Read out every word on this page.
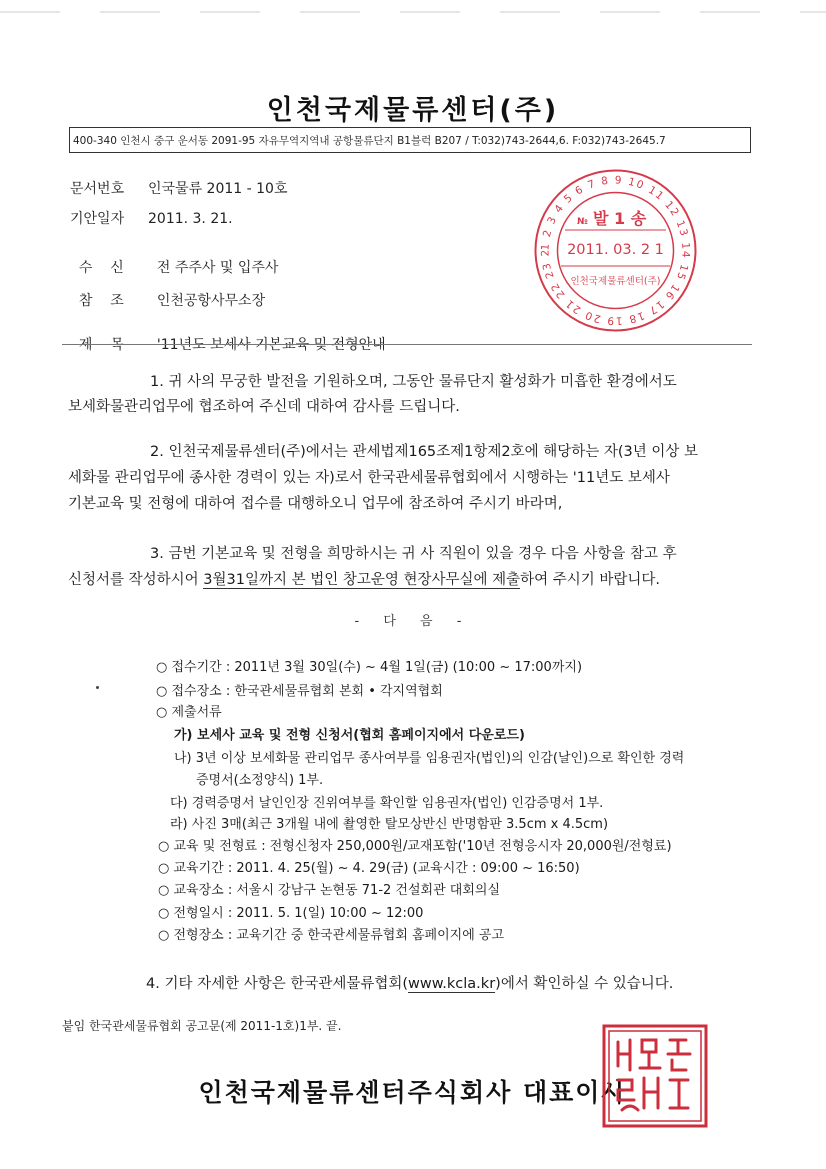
인천국제물류센터(주)
400-340 인천시 중구 운서동 2091-95 자유무역지역내 공항물류단지 B1블럭 B207 / T:032)743-2644,6. F:032)743-2645.7
문서번호 인국물류 2011 - 10호
기안일자 2011. 3. 21.

수    신 전 주주사 및 입주사

참    조 인천공항사무소장

제    목 '11년도 보세사 기본교육 및 전형안내

1 2 3 4 5 6 7 8 9 10 11 12 13 14 15 16 17 18 19 20 21 22 23 2
№ 발 1 송
2011. 03. 2 1
인천국제물류센터(주)
1. 귀 사의 무궁한 발전을 기원하오며, 그동안 물류단지 활성화가 미흡한 환경에서도
보세화물관리업무에 협조하여 주신데 대하여 감사를 드립니다.
2. 인천국제물류센터(주)에서는 관세법제165조제1항제2호에 해당하는 자(3년 이상 보
세화물 관리업무에 종사한 경력이 있는 자)로서 한국관세물류협회에서 시행하는 '11년도 보세사
기본교육 및 전형에 대하여 접수를 대행하오니 업무에 참조하여 주시기 바라며,
3. 금번 기본교육 및 전형을 희망하시는 귀 사 직원이 있을 경우 다음 사항을 참고 후
신청서를 작성하시어 3월31일까지 본 법인 창고운영 현장사무실에 제출하여 주시기 바랍니다.
- 다 음 -
○ 접수기간 : 2011년 3월 30일(수) ~ 4월 1일(금) (10:00 ~ 17:00까지)
○ 접수장소 : 한국관세물류협회 본회 • 각지역협회
○ 제출서류
가) 보세사 교육 및 전형 신청서(협회 홈페이지에서 다운로드)
나) 3년 이상 보세화물 관리업무 종사여부를 임용권자(법인)의 인감(날인)으로 확인한 경력
증명서(소정양식) 1부.
다) 경력증명서 날인인장 진위여부를 확인할 임용권자(법인) 인감증명서 1부.
라) 사진 3매(최근 3개월 내에 촬영한 탈모상반신 반명함판 3.5cm x 4.5cm)
○ 교육 및 전형료 : 전형신청자 250,000원/교재포함('10년 전형응시자 20,000원/전형료)
○ 교육기간 : 2011. 4. 25(월) ~ 4. 29(금) (교육시간 : 09:00 ~ 16:50)
○ 교육장소 : 서울시 강남구 논현동 71-2 건설회관 대회의실
○ 전형일시 : 2011. 5. 1(일) 10:00 ~ 12:00
○ 전형장소 : 교육기간 중 한국관세물류협회 홈페이지에 공고
4. 기타 자세한 사항은 한국관세물류협회(www.kcla.kr)에서 확인하실 수 있습니다.
붙임 한국관세물류협회 공고문(제 2011-1호)1부. 끝.
인천국제물류센터주식회사 대표이사
